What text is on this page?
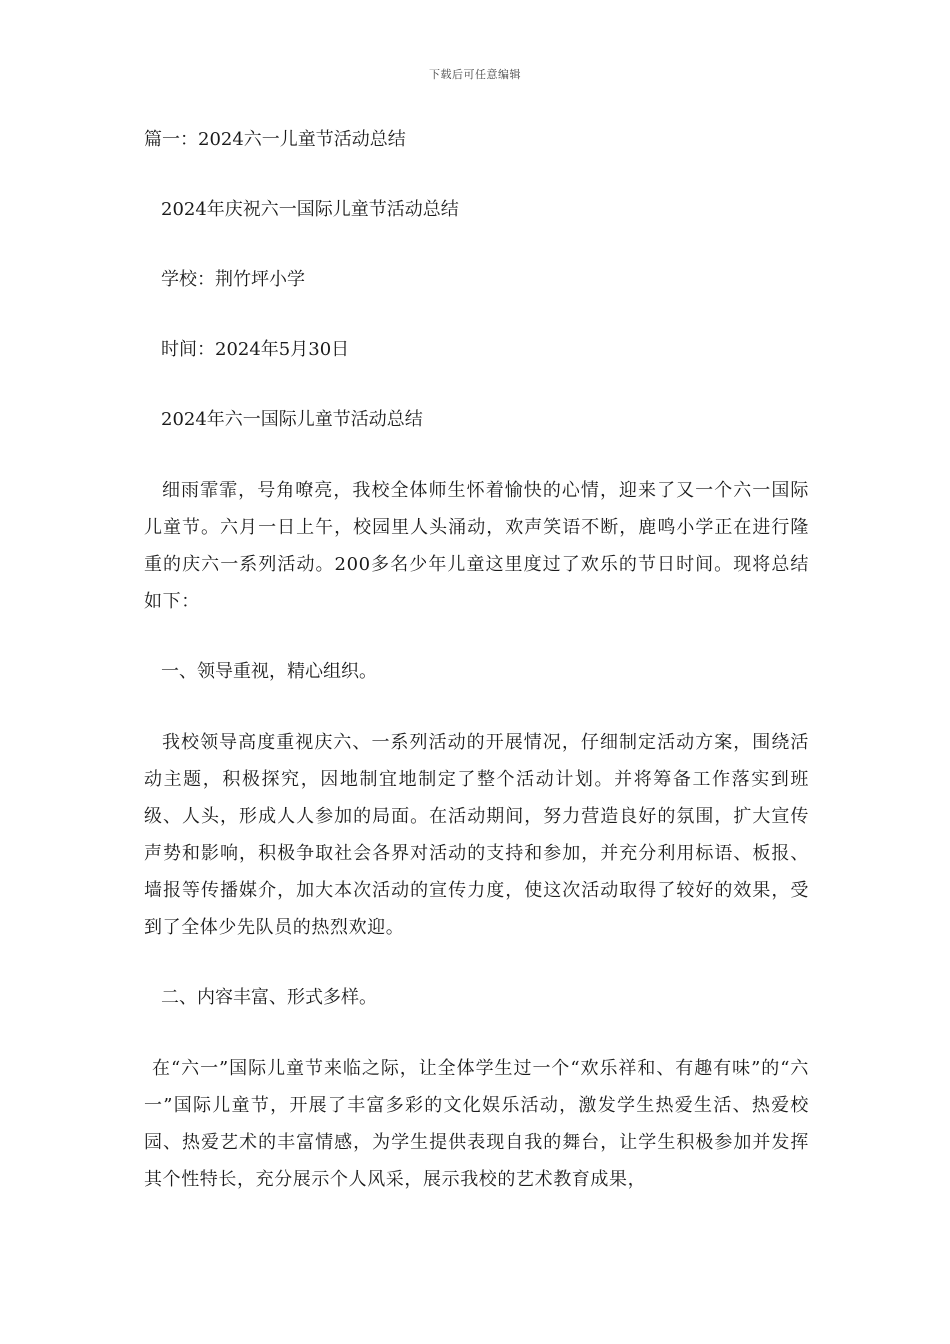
下载后可任意编辑

篇一：2024六一儿童节活动总结

2024年庆祝六一国际儿童节活动总结

学校：荆竹坪小学

时间：2024年5月30日

2024年六一国际儿童节活动总结

细雨霏霏，号角嘹亮，我校全体师生怀着愉快的心情，迎来了又一个六一国际儿童节。六月一日上午，校园里人头涌动，欢声笑语不断，鹿鸣小学正在进行隆重的庆六一系列活动。200多名少年儿童这里度过了欢乐的节日时间。现将总结如下：

一、领导重视，精心组织。

我校领导高度重视庆六、一系列活动的开展情况，仔细制定活动方案，围绕活动主题，积极探究，因地制宜地制定了整个活动计划。并将筹备工作落实到班级、人头，形成人人参加的局面。在活动期间，努力营造良好的氛围，扩大宣传声势和影响，积极争取社会各界对活动的支持和参加，并充分利用标语、板报、墙报等传播媒介，加大本次活动的宣传力度，使这次活动取得了较好的效果，受到了全体少先队员的热烈欢迎。

二、内容丰富、形式多样。

在“六一”国际儿童节来临之际，让全体学生过一个“欢乐祥和、有趣有味”的“六一”国际儿童节，开展了丰富多彩的文化娱乐活动，激发学生热爱生活、热爱校园、热爱艺术的丰富情感，为学生提供表现自我的舞台，让学生积极参加并发挥其个性特长，充分展示个人风采，展示我校的艺术教育成果，
